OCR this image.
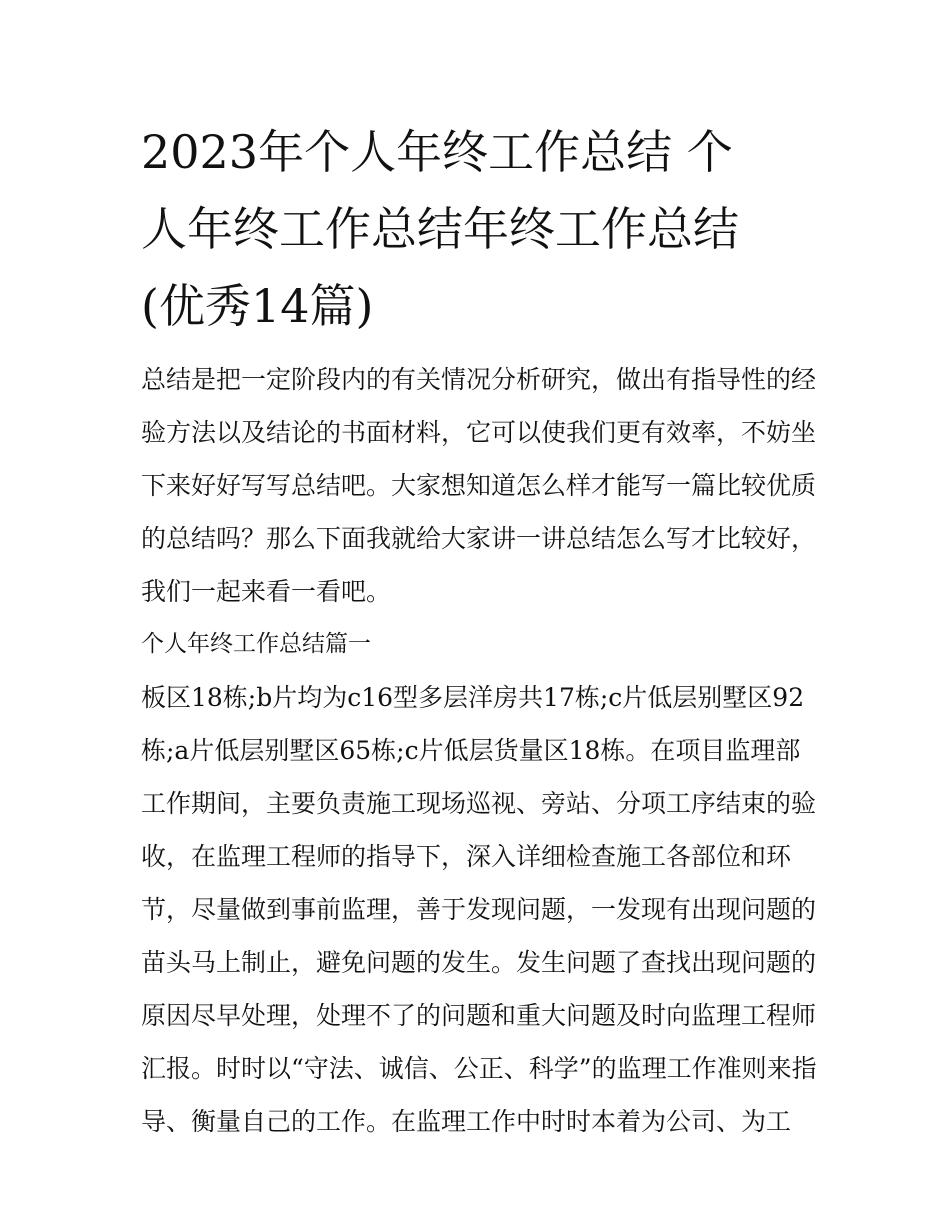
2023年个人年终工作总结 个
人年终工作总结年终工作总结
(优秀14篇)
总结是把一定阶段内的有关情况分析研究，做出有指导性的经
验方法以及结论的书面材料，它可以使我们更有效率，不妨坐
下来好好写写总结吧。大家想知道怎么样才能写一篇比较优质
的总结吗？那么下面我就给大家讲一讲总结怎么写才比较好，
我们一起来看一看吧。
个人年终工作总结篇一
板区18栋;b片均为c16型多层洋房共17栋;c片低层别墅区92
栋;a片低层别墅区65栋;c片低层货量区18栋。在项目监理部
工作期间，主要负责施工现场巡视、旁站、分项工序结束的验
收，在监理工程师的指导下，深入详细检查施工各部位和环
节，尽量做到事前监理，善于发现问题，一发现有出现问题的
苗头马上制止，避免问题的发生。发生问题了查找出现问题的
原因尽早处理，处理不了的问题和重大问题及时向监理工程师
汇报。时时以“守法、诚信、公正、科学”的监理工作准则来指
导、衡量自己的工作。在监理工作中时时本着为公司、为工
